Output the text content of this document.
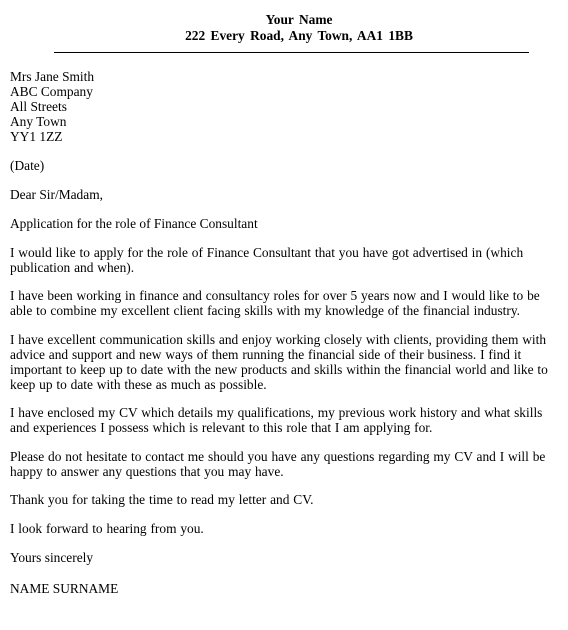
Your Name
222 Every Road, Any Town, AA1 1BB
Mrs Jane Smith
ABC Company
All Streets
Any Town
YY1 1ZZ
(Date)
Dear Sir/Madam,
Application for the role of Finance Consultant

I would like to apply for the role of Finance Consultant that you have got advertised in (which publication and when).

I have been working in finance and consultancy roles for over 5 years now and I would like to be able to combine my excellent client facing skills with my knowledge of the financial industry.

I have excellent communication skills and enjoy working closely with clients, providing them with advice and support and new ways of them running the financial side of their business. I find it important to keep up to date with the new products and skills within the financial world and like to keep up to date with these as much as possible.

I have enclosed my CV which details my qualifications, my previous work history and what skills and experiences I possess which is relevant to this role that I am applying for.

Please do not hesitate to contact me should you have any questions regarding my CV and I will be happy to answer any questions that you may have.

Thank you for taking the time to read my letter and CV.

I look forward to hearing from you.

Yours sincerely
NAME SURNAME
